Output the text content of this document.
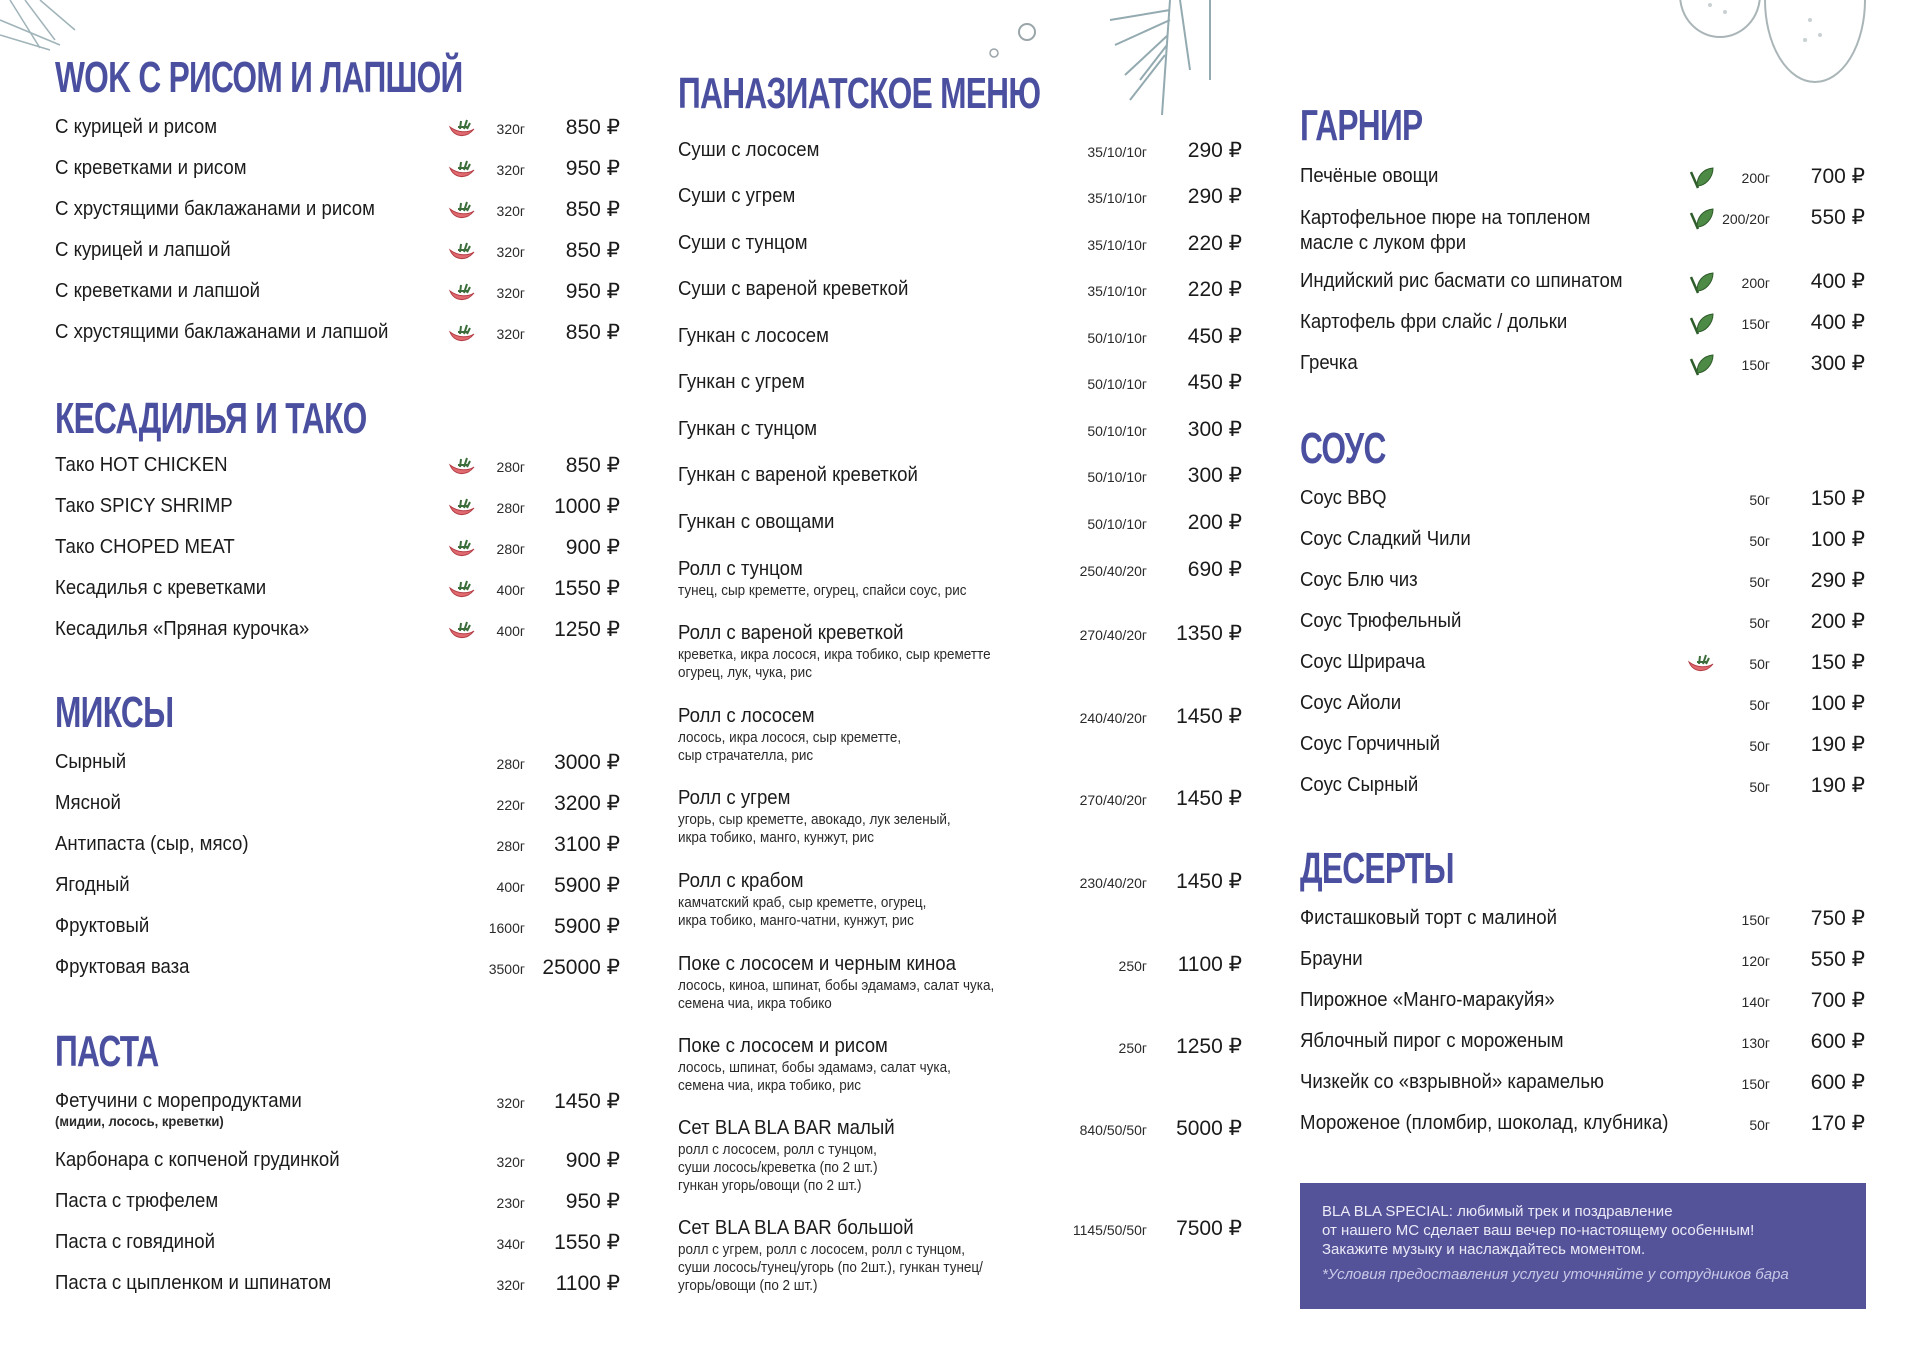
WOK С РИСОМ И ЛАПШОЙ
С курицей и рисом	320г 850 ₽
С креветками и рисом	320г 950 ₽
С хрустящими баклажанами и рисом	320г 850 ₽
С курицей и лапшой	320г 850 ₽
С креветками и лапшой	320г 950 ₽
С хрустящими баклажанами и лапшой	320г 850 ₽
КЕСАДИЛЬЯ И ТАКО
Тако HOT CHICKEN	280г 850 ₽
Тако SPICY SHRIMP	280г 1000 ₽
Тако CHOPED MEAT	280г 900 ₽
Кесадилья с креветками	400г 1550 ₽
Кесадилья «Пряная курочка»	400г 1250 ₽
МИКСЫ
Сырный	280г 3000 ₽
Мясной	220г 3200 ₽
Антипаста (сыр, мясо)	280г 3100 ₽
Ягодный	400г 5900 ₽
Фруктовый	1600г 5900 ₽
Фруктовая ваза	3500г 25000 ₽
ПАСТА
Фетучини с морепродуктами
(мидии, лосось, креветки)
320г 1450 ₽
Карбонара с копченой грудинкой	320г 900 ₽
Паста с трюфелем	230г 950 ₽
Паста с говядиной	340г 1550 ₽
Паста с цыпленком и шпинатом	320г 1100 ₽
ПАНАЗИАТСКОЕ МЕНЮ
Суши с лососем	35/10/10г 290 ₽
Суши с угрем	35/10/10г 290 ₽
Суши с тунцом	35/10/10г 220 ₽
Суши с вареной креветкой	35/10/10г 220 ₽
Гункан с лососем	50/10/10г 450 ₽
Гункан с угрем	50/10/10г 450 ₽
Гункан с тунцом	50/10/10г 300 ₽
Гункан с вареной креветкой	50/10/10г 300 ₽
Гункан с овощами	50/10/10г 200 ₽
Ролл с тунцом
тунец, сыр креметте, огурец, спайси соус, рис
250/40/20г 690 ₽
Ролл с вареной креветкой
креветка, икра лосося, икра тобико, сыр креметте
огурец, лук, чука, рис
270/40/20г 1350 ₽
Ролл с лососем
лосось, икра лосося, сыр креметте,
сыр страчателла, рис
240/40/20г 1450 ₽
Ролл с угрем
угорь, сыр креметте, авокадо, лук зеленый,
икра тобико, манго, кунжут, рис
270/40/20г 1450 ₽
Ролл с крабом
камчатский краб, сыр креметте, огурец,
икра тобико, манго-чатни, кунжут, рис
230/40/20г 1450 ₽
Поке с лососем и черным киноа
лосось, киноа, шпинат, бобы эдамамэ, салат чука,
семена чиа, икра тобико
250г 1100 ₽
Поке с лососем и рисом
лосось, шпинат, бобы эдамамэ, салат чука,
семена чиа, икра тобико, рис
250г 1250 ₽
Сет BLA BLA BAR малый
ролл с лососем, ролл с тунцом,
суши лосось/креветка (по 2 шт.)
гункан угорь/овощи (по 2 шт.)
840/50/50г 5000 ₽
Сет BLA BLA BAR большой
ролл с угрем, ролл с лососем, ролл с тунцом,
суши лосось/тунец/угорь (по 2шт.), гункан тунец/
угорь/овощи (по 2 шт.)
1145/50/50г 7500 ₽
ГАРНИР
Печёные овощи	200г 700 ₽
Картофельное пюре на топленом
масле с луком фри
200/20г 550 ₽
Индийский рис басмати со шпинатом	200г 400 ₽
Картофель фри слайс / дольки	150г 400 ₽
Гречка	150г 300 ₽
СОУС
Соус BBQ	50г 150 ₽
Соус Сладкий Чили	50г 100 ₽
Соус Блю чиз	50г 290 ₽
Соус Трюфельный	50г 200 ₽
Соус Шрирача	50г 150 ₽
Соус Айоли	50г 100 ₽
Соус Горчичный	50г 190 ₽
Соус Сырный	50г 190 ₽
ДЕСЕРТЫ
Фисташковый торт с малиной	150г 750 ₽
Брауни	120г 550 ₽
Пирожное «Манго-маракуйя»	140г 700 ₽
Яблочный пирог с мороженым	130г 600 ₽
Чизкейк со «взрывной» карамелью	150г 600 ₽
Мороженое (пломбир, шоколад, клубника)	50г 170 ₽

BLA BLA SPECIAL: любимый трек и поздравление

от нашего МС сделает ваш вечер по-настоящему особенным!

Закажите музыку и наслаждайтесь моментом.

*Условия предоставления услуги уточняйте у сотрудников бара
